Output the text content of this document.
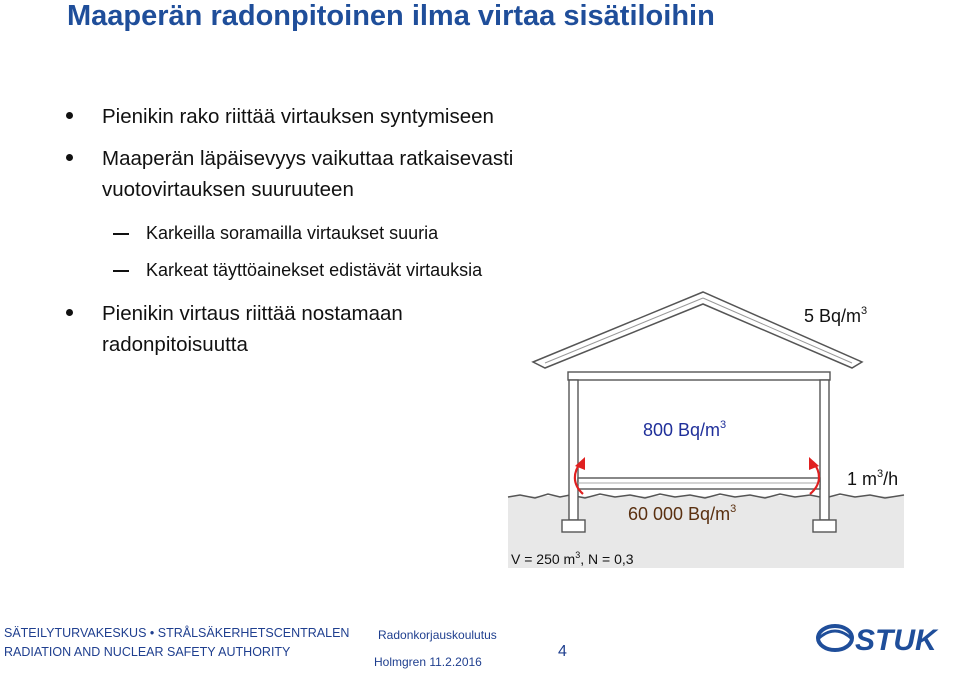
Maaperän radonpitoinen ilma virtaa sisätiloihin
Pienikin rako riittää virtauksen syntymiseen
Maaperän läpäisevyys vaikuttaa ratkaisevasti
vuotovirtauksen suuruuteen
Karkeilla soramailla virtaukset suuria
Karkeat täyttöainekset edistävät virtauksia
Pienikin virtaus riittää nostamaan
radonpitoisuutta
5 $Bq/m^3$
800 $Bq/m^3$
1 $m^3/h$
60 000 $Bq/m^3$
V = 250 $m^3$, N = 0,3
SÄTEILYTURVAKESKUS • STRÅLSÄKERHETSCENTRALEN
RADIATION AND NUCLEAR SAFETY AUTHORITY
Radonkorjauskoulutus
Holmgren 11.2.2016
4	STUK
